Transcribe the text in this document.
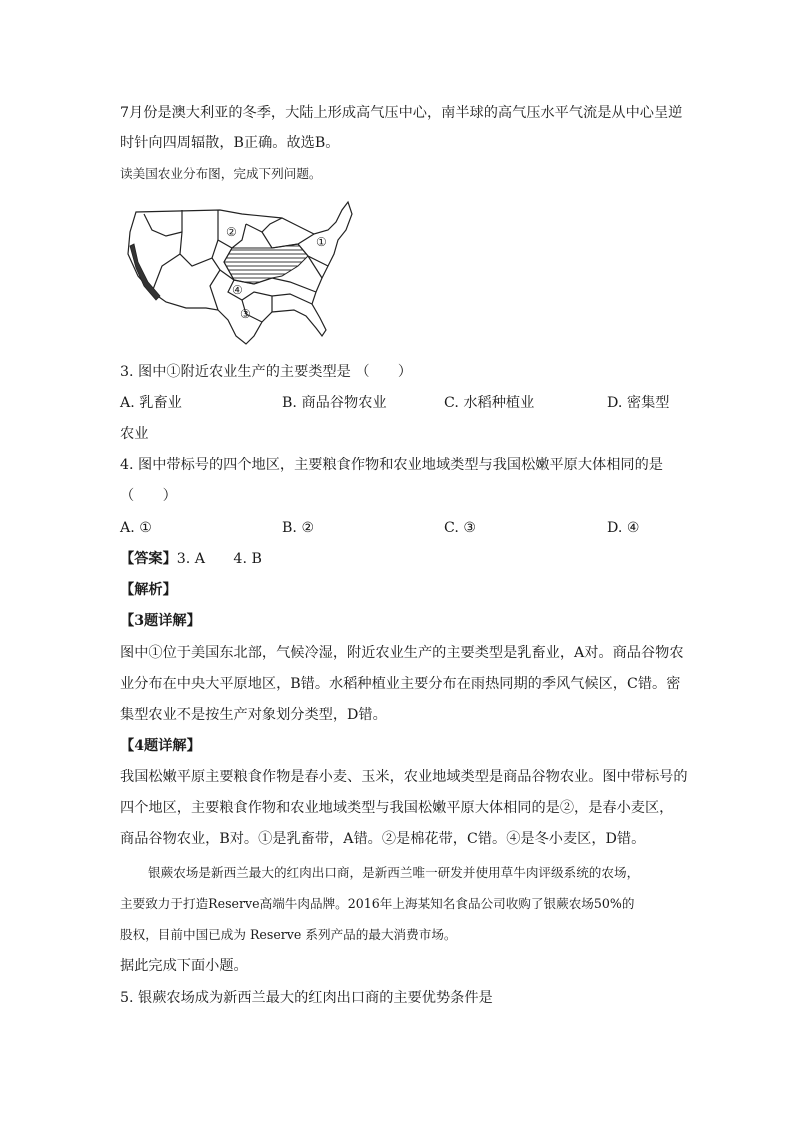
7月份是澳大利亚的冬季，大陆上形成高气压中心，南半球的高气压水平气流是从中心呈逆
时针向四周辐散，B正确。故选B。
读美国农业分布图，完成下列问题。
①
②
③
④
3. 图中①附近农业生产的主要类型是 （　　）
A. 乳畜业	B. 商品谷物农业	C. 水稻种植业	D. 密集型
农业
4. 图中带标号的四个地区，主要粮食作物和农业地域类型与我国松嫩平原大体相同的是
（　　）
A. ①	B. ②	C. ③	D. ④
【答案】3. A　　4. B
【解析】
【3题详解】
图中①位于美国东北部，气候冷湿，附近农业生产的主要类型是乳畜业，A对。商品谷物农
业分布在中央大平原地区，B错。水稻种植业主要分布在雨热同期的季风气候区，C错。密
集型农业不是按生产对象划分类型，D错。
【4题详解】
我国松嫩平原主要粮食作物是春小麦、玉米，农业地域类型是商品谷物农业。图中带标号的
四个地区，主要粮食作物和农业地域类型与我国松嫩平原大体相同的是②，是春小麦区，
商品谷物农业，B对。①是乳畜带，A错。②是棉花带，C错。④是冬小麦区，D错。
银蕨农场是新西兰最大的红肉出口商，是新西兰唯一研发并使用草牛肉评级系统的农场，
主要致力于打造Reserve高端牛肉品牌。2016年上海某知名食品公司收购了银蕨农场50%的
股权，目前中国已成为 Reserve 系列产品的最大消费市场。
据此完成下面小题。
5. 银蕨农场成为新西兰最大的红肉出口商的主要优势条件是
